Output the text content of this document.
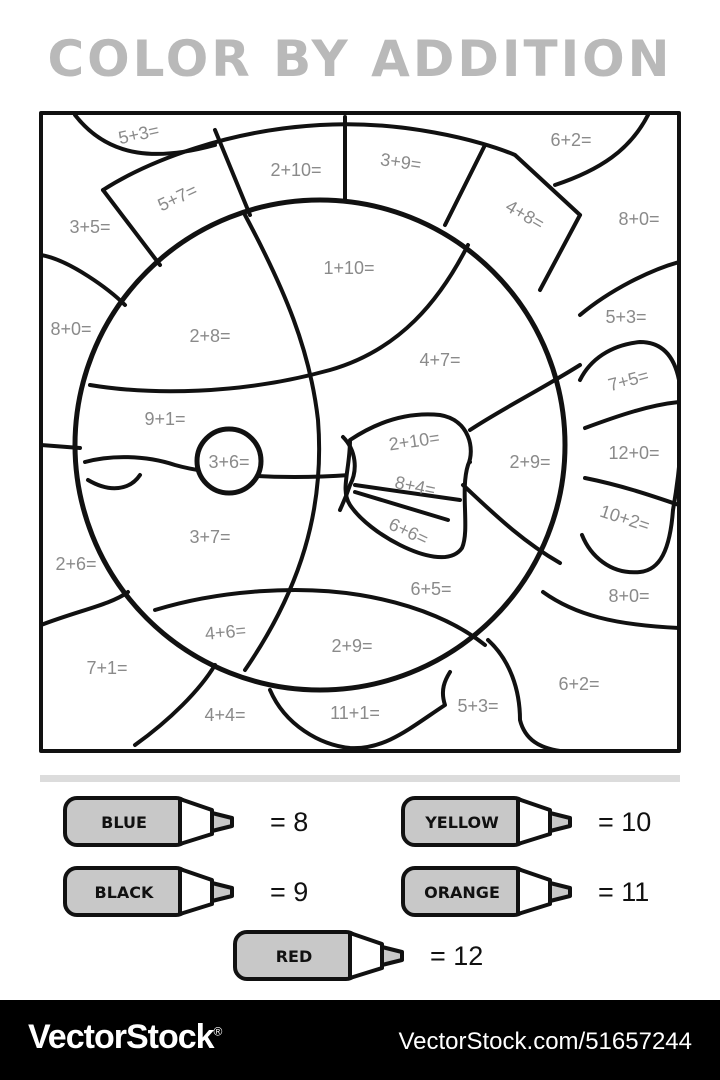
COLOR BY ADDITION
5+3=
2+10=	3+9=
6+2=
5+7=	4+8=
3+5=	8+0=
1+10=
8+0=	2+8=
5+3=
4+7=
7+5=
9+1=
3+6=
2+10=
2+9=	12+0=
8+4=
6+6=	10+2=
3+7=
2+6=
6+5=	8+0=
4+6=
2+9=
7+1=
6+2=
5+3=
4+4=	11+1=
BLUE	= 8	YELLOW	= 10
BLACK	= 9	ORANGE	= 11
RED	= 12
VectorStock®	VectorStock.com/51657244
